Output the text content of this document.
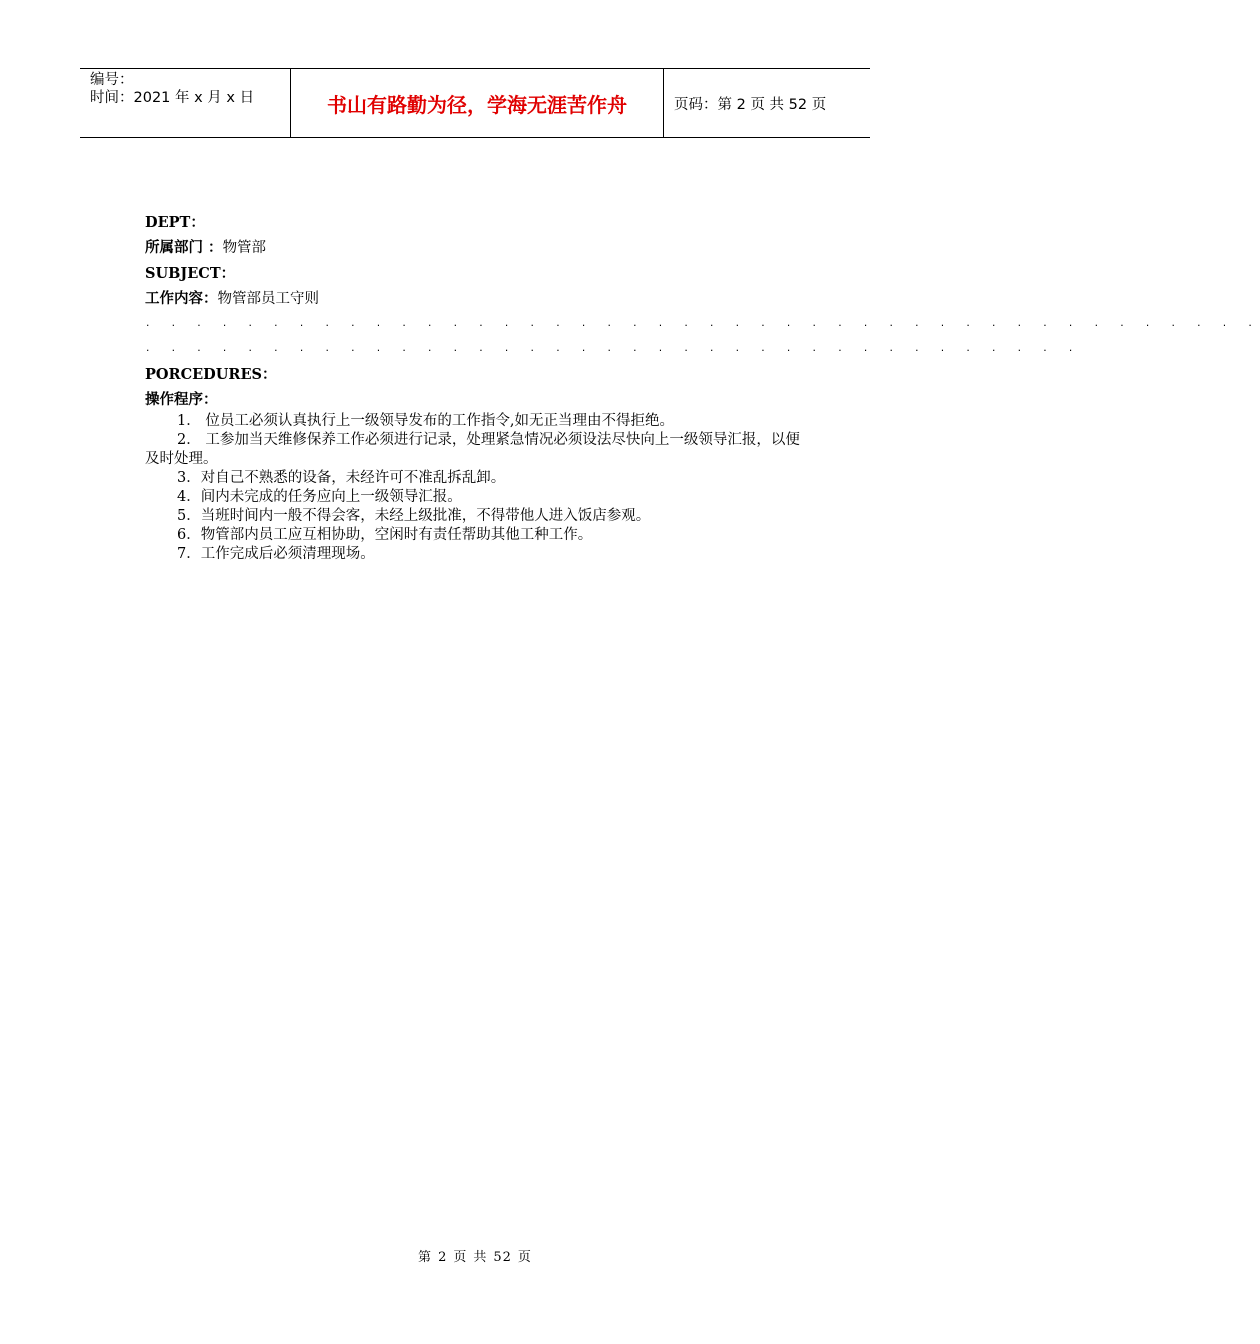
编号：
时间：2021 年 x 月 x 日	书山有路勤为径，学海无涯苦作舟	页码：第 2 页 共 52 页
DEPT：
所属部门 ：物管部
SUBJECT：
工作内容：物管部员工守则
. . . . . . . . . . . . . . . . . . . . . . . . . . . . . . . . . . . . . . . . . . . .
. . . . . . . . . . . . . . . . . . . . . . . . . . . . . . . . . . . . .
PORCEDURES：
操作程序：
1． 位员工必须认真执行上一级领导发布的工作指令,如无正当理由不得拒绝。
2． 工参加当天维修保养工作必须进行记录，处理紧急情况必须设法尽快向上一级领导汇报，以便及时处理。
3．对自己不熟悉的设备，未经许可不准乱拆乱卸。
4．间内未完成的任务应向上一级领导汇报。
5．当班时间内一般不得会客，未经上级批准，不得带他人进入饭店参观。
6．物管部内员工应互相协助，空闲时有责任帮助其他工种工作。
7．工作完成后必须清理现场。
第 2 页 共 52 页
